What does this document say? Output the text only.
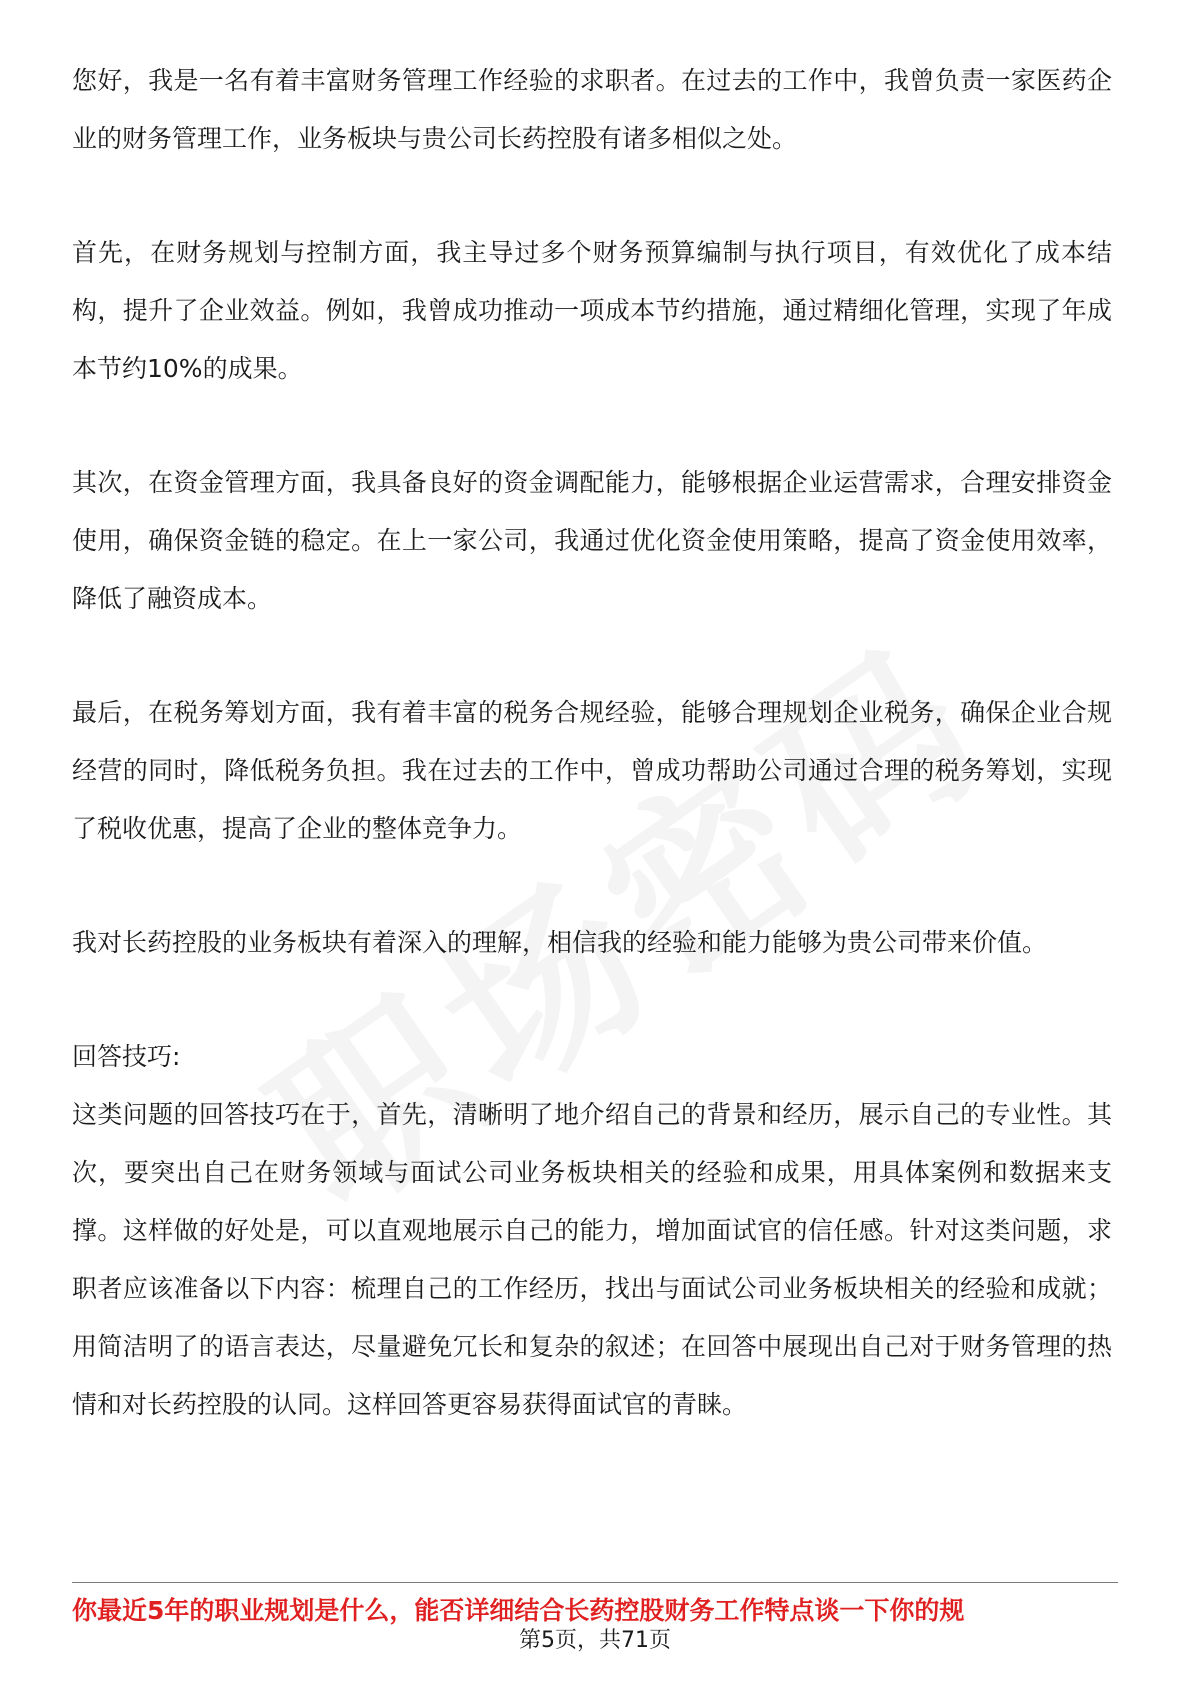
您好，我是一名有着丰富财务管理工作经验的求职者。在过去的工作中，我曾负责一家医药企业的财务管理工作，业务板块与贵公司长药控股有诸多相似之处。

首先，在财务规划与控制方面，我主导过多个财务预算编制与执行项目，有效优化了成本结构，提升了企业效益。例如，我曾成功推动一项成本节约措施，通过精细化管理，实现了年成本节约10%的成果。

其次，在资金管理方面，我具备良好的资金调配能力，能够根据企业运营需求，合理安排资金使用，确保资金链的稳定。在上一家公司，我通过优化资金使用策略，提高了资金使用效率，降低了融资成本。

最后，在税务筹划方面，我有着丰富的税务合规经验，能够合理规划企业税务，确保企业合规经营的同时，降低税务负担。我在过去的工作中，曾成功帮助公司通过合理的税务筹划，实现了税收优惠，提高了企业的整体竞争力。

我对长药控股的业务板块有着深入的理解，相信我的经验和能力能够为贵公司带来价值。

回答技巧:

这类问题的回答技巧在于，首先，清晰明了地介绍自己的背景和经历，展示自己的专业性。其次，要突出自己在财务领域与面试公司业务板块相关的经验和成果，用具体案例和数据来支撑。这样做的好处是，可以直观地展示自己的能力，增加面试官的信任感。针对这类问题，求职者应该准备以下内容：梳理自己的工作经历，找出与面试公司业务板块相关的经验和成就；用简洁明了的语言表达，尽量避免冗长和复杂的叙述；在回答中展现出自己对于财务管理的热情和对长药控股的认同。这样回答更容易获得面试官的青睐。

你最近5年的职业规划是什么，能否详细结合长药控股财务工作特点谈一下你的规
第5页，共71页
